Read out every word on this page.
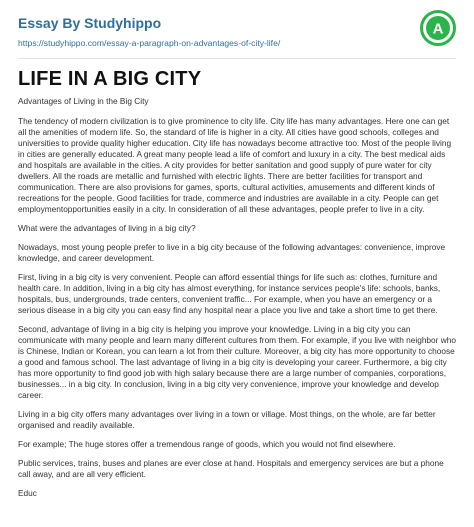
Essay By Studyhippo
https://studyhippo.com/essay-a-paragraph-on-advantages-of-city-life/
A
LIFE IN A BIG CITY
Advantages of Living in the Big City

The tendency of modern civilization is to give prominence to city life. City life has many advantages. Here one can get all the amenities of modern life. So, the standard of life is higher in a city. All cities have good schools, colleges and universities to provide quality higher education. City life has nowadays become attractive too. Most of the people living in cities are generally educated. A great many people lead a life of comfort and luxury in a city. The best medical aids and hospitals are available in the cities. A city provides for better sanitation and good supply of pure water for city dwellers. All the roads are metallic and furnished with electric lights. There are better facilities for transport and communication. There are also provisions for games, sports, cultural activities, amusements and different kinds of recreations for the people. Good facilities for trade, commerce and industries are available in a city. People can get employmentopportunities easily in a city. In consideration of all these advantages, people prefer to live in a city.

What were the advantages of living in a big city?

Nowadays, most young people prefer to live in a big city because of the following advantages: convenience, improve knowledge, and career development.

First, living in a big city is very convenient. People can afford essential things for life such as: clothes, furniture and health care. In addition, living in a big city has almost everything, for instance services people's life: schools, banks, hospitals, bus, undergrounds, trade centers, convenient traffic... For example, when you have an emergency or a serious disease in a big city you can easy find any hospital near a place you live and take a short time to get there.

Second, advantage of living in a big city is helping you improve your knowledge. Living in a big city you can communicate with many people and learn many different cultures from them. For example, if you live with neighbor who is Chinese, Indian or Korean, you can learn a lot from their culture. Moreover, a big city has more opportunity to choose a good and famous school. The last advantage of living in a big city is developing your career. Furthermore, a big city has more opportunity to find good job with high salary because there are a large number of companies, corporations, businesses... in a big city. In conclusion, living in a big city very convenience, improve your knowledge and develop career.

Living in a big city offers many advantages over living in a town or village. Most things, on the whole, are far better organised and readily available.

For example; The huge stores offer a tremendous range of goods, which you would not find elsewhere.

Public services, trains, buses and planes are ever close at hand. Hospitals and emergency services are but a phone call away, and are all very efficient.

Educ
